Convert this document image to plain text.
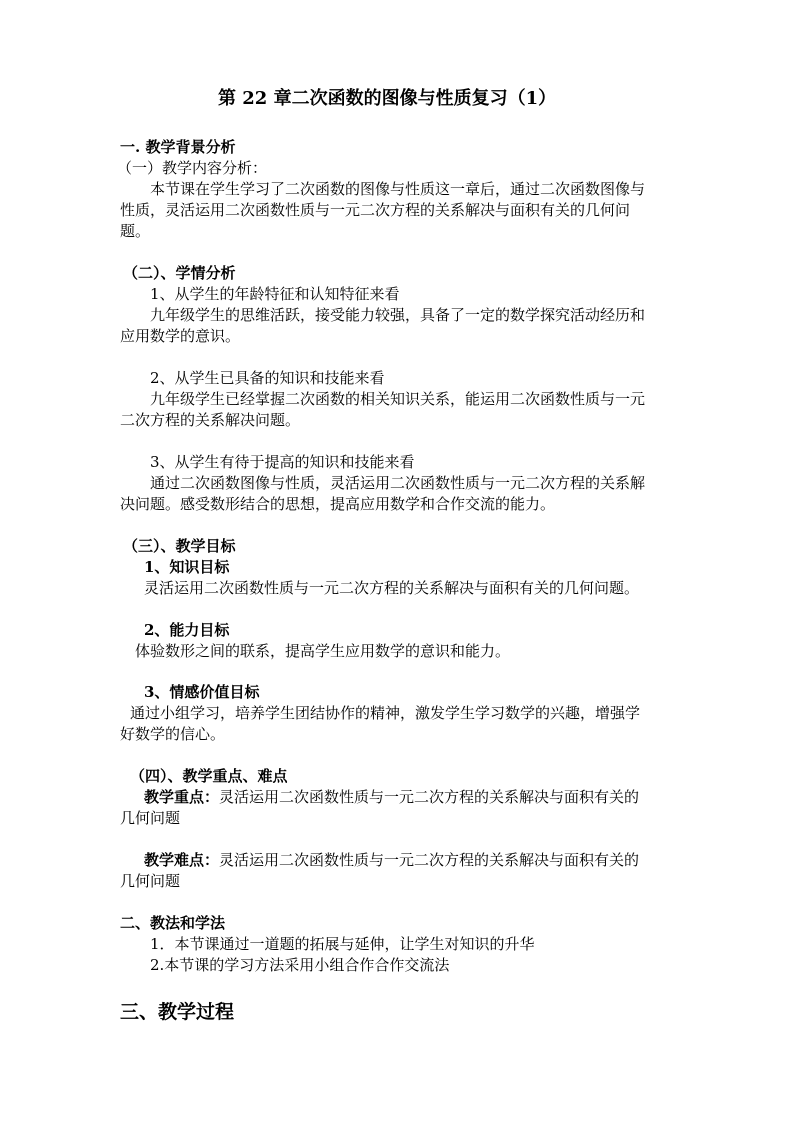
第 22 章二次函数的图像与性质复习（1）
一. 教学背景分析
（一）教学内容分析：
本节课在学生学习了二次函数的图像与性质这一章后，通过二次函数图像与
性质，灵活运用二次函数性质与一元二次方程的关系解决与面积有关的几何问
题。
（二）、学情分析
1、从学生的年龄特征和认知特征来看
九年级学生的思维活跃，接受能力较强，具备了一定的数学探究活动经历和
应用数学的意识。
2、从学生已具备的知识和技能来看
九年级学生已经掌握二次函数的相关知识关系，能运用二次函数性质与一元
二次方程的关系解决问题。
3、从学生有待于提高的知识和技能来看
通过二次函数图像与性质，灵活运用二次函数性质与一元二次方程的关系解
决问题。感受数形结合的思想，提高应用数学和合作交流的能力。
（三）、教学目标
1、知识目标
灵活运用二次函数性质与一元二次方程的关系解决与面积有关的几何问题。
2、能力目标
体验数形之间的联系，提高学生应用数学的意识和能力。
3、情感价值目标
通过小组学习，培养学生团结协作的精神，激发学生学习数学的兴趣，增强学
好数学的信心。
（四）、教学重点、难点
教学重点：灵活运用二次函数性质与一元二次方程的关系解决与面积有关的
几何问题
教学难点：灵活运用二次函数性质与一元二次方程的关系解决与面积有关的
几何问题
二、教法和学法
1．本节课通过一道题的拓展与延伸，让学生对知识的升华
2.本节课的学习方法采用小组合作合作交流法
三、教学过程
